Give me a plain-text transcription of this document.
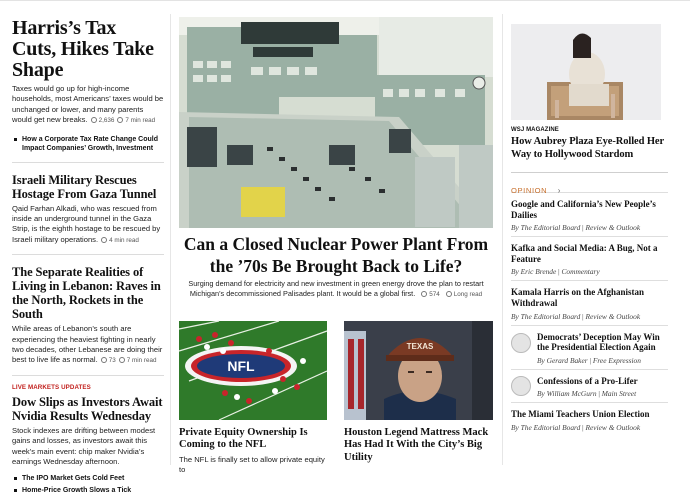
Harris’s Tax Cuts, Hikes Take Shape

Taxes would go up for high-income households, most Americans’ taxes would be unchanged or lower, and many parents would get new breaks. 2,636 7 min read

How a Corporate Tax Rate Change Could Impact Companies’ Growth, Investment
Israeli Military Rescues Hostage From Gaza Tunnel

Qaid Farhan Alkadi, who was rescued from inside an underground tunnel in the Gaza Strip, is the eighth hostage to be rescued by Israeli military operations. 4 min read

The Separate Realities of Living in Lebanon: Raves in the North, Rockets in the South

While areas of Lebanon’s south are experiencing the heaviest fighting in nearly two decades, other Lebanese are doing their best to live life as normal. 73 7 min read

LIVE MARKETS UPDATES
Dow Slips as Investors Await Nvidia Results Wednesday

Stock indexes are drifting between modest gains and losses, as investors await this week’s main event: chip maker Nvidia’s earnings Wednesday afternoon.

The IPO Market Gets Cold Feet
Home-Price Growth Slows a Tick
Can a Closed Nuclear Power Plant From the ’70s Be Brought Back to Life?

Surging demand for electricity and new investment in green energy drove the plan to restart Michigan’s decommissioned Palisades plant. It would be a global first. 574 Long read

NFL
TEXAS
Private Equity Ownership Is Coming to the NFL
The NFL is finally set to allow private equity to
Houston Legend Mattress Mack Has Had It With the City’s Big Utility
WSJ MAGAZINE
How Aubrey Plaza Eye-Rolled Her Way to Hollywood Stardom
OPINION ›
Google and California’s New People’s Dailies
By The Editorial Board | Review & Outlook
Kafka and Social Media: A Bug, Not a Feature
By Eric Brende | Commentary
Kamala Harris on the Afghanistan Withdrawal
By The Editorial Board | Review & Outlook
Democrats’ Deception May Win the Presidential Election Again
By Gerard Baker | Free Expression
Confessions of a Pro-Lifer
By William McGurn | Main Street
The Miami Teachers Union Election
By The Editorial Board | Review & Outlook
